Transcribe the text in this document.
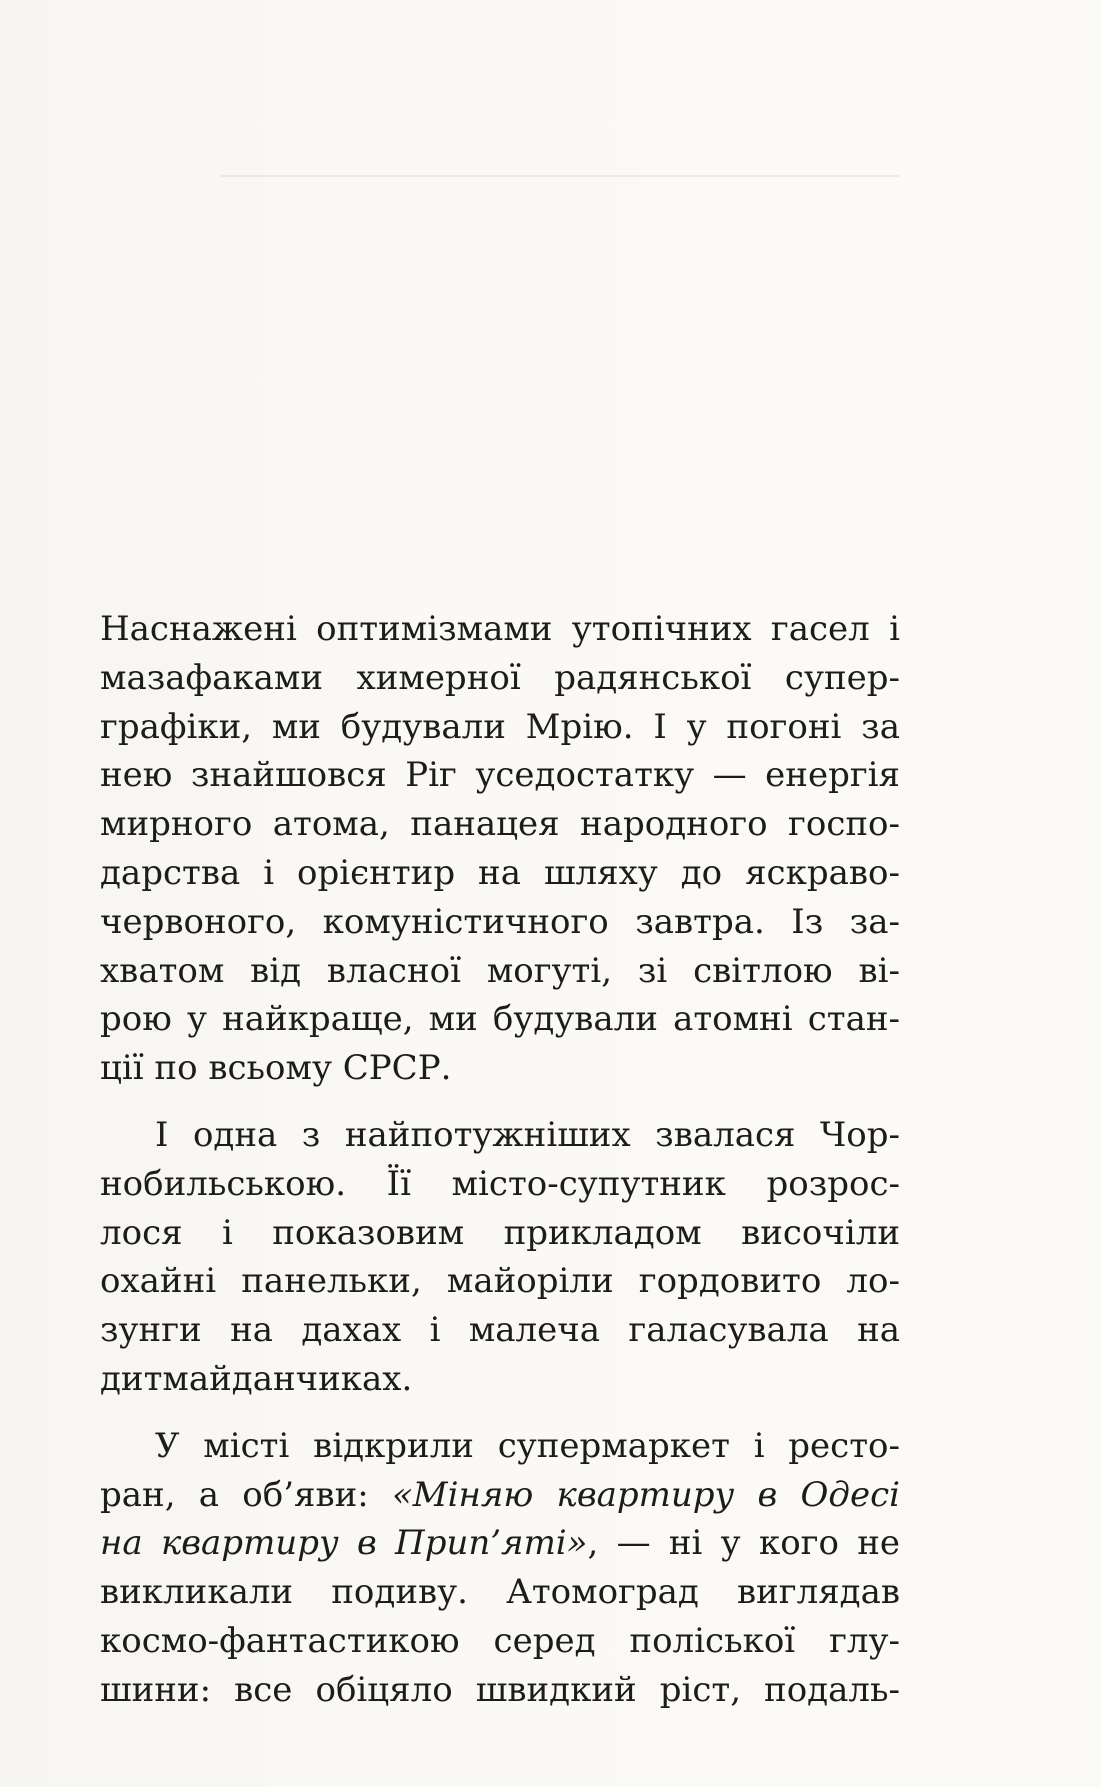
Наснажені оптимізмами утопічних гасел і
мазафаками химерної радянської супер-
графіки, ми будували Мрію. І у погоні за
нею знайшовся Ріг уседостатку — енергія
мирного атома, панацея народного госпо-
дарства і орієнтир на шляху до яскраво-
червоного, комуністичного завтра. Із за-
хватом від власної могуті, зі світлою ві-
рою у найкраще, ми будували атомні стан-
ції по всьому СРСР.
І одна з найпотужніших звалася Чор-
нобильською. Її місто-супутник розрос-
лося і показовим прикладом височіли
охайні панельки, майоріли гордовито ло-
зунги на дахах і малеча галасувала на
дитмайданчиках.
У місті відкрили супермаркет і ресто-
ран, а об’яви: «Міняю квартиру в Одесі
на квартиру в Прип’яті», — ні у кого не
викликали подиву. Атомоград виглядав
космо-фантастикою серед поліської глу-
шини: все обіцяло швидкий ріст, подаль-
